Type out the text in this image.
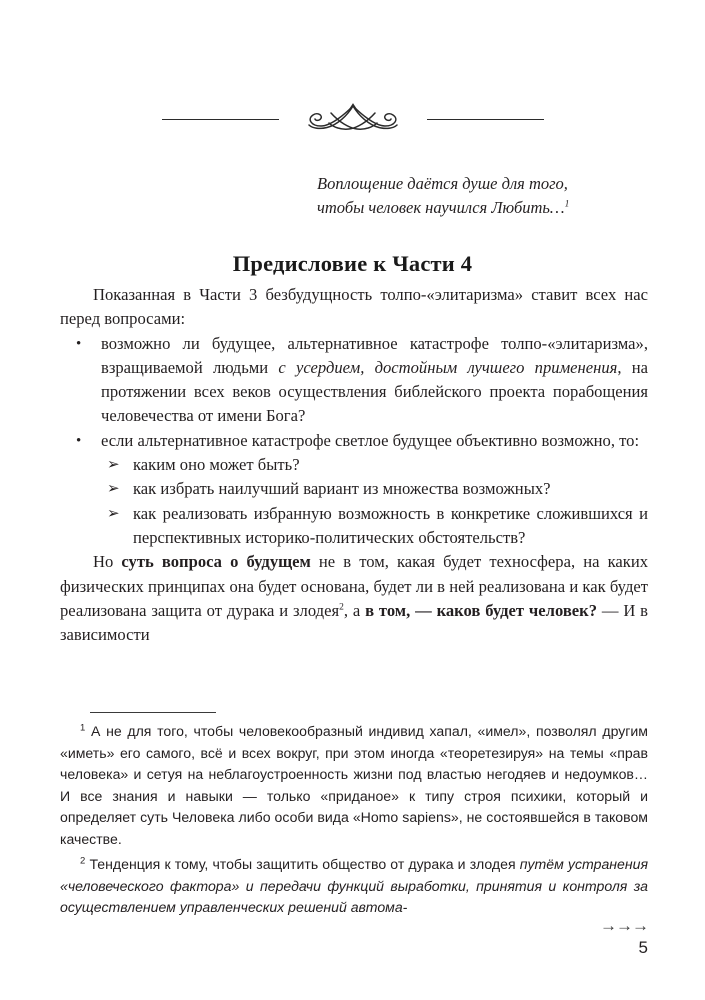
Воплощение даётся душе для того,
чтобы человек научился Любить…$^1$
Предисловие к Части 4

Показанная в Части 3 безбудущность толпо-«элитаризма» ставит всех нас перед вопросами:

•	возможно ли будущее, альтернативное катастрофе толпо-«элитаризма», взращиваемой людьми с усердием, достойным лучшего применения, на протяжении всех веков осуществления библейского проекта порабощения человечества от имени Бога?
•	если альтернативное катастрофе светлое будущее объективно возможно, то:
➢ каким оно может быть?
➢ как избрать наилучший вариант из множества возможных?
➢ как реализовать избранную возможность в конкретике сложившихся и перспективных историко-политических обстоятельств?

Но суть вопроса о будущем не в том, какая будет техносфера, на каких физических принципах она будет основана, будет ли в ней реализована и как будет реализована защита от дурака и злодея$^2$, а в том, — каков будет человек? — И в зависимости

$^1$ А не для того, чтобы человекообразный индивид хапал, «имел», позволял другим «иметь» его самого, всё и всех вокруг, при этом иногда «теоретезируя» на темы «прав человека» и сетуя на неблагоустроенность жизни под властью негодяев и недоумков… И все знания и навыки — только «приданое» к типу строя психики, который и определяет суть Человека либо особи вида «Homo sapiens», не состоявшейся в таковом качестве.

$^2$ Тенденция к тому, чтобы защитить общество от дурака и злодея путём устранения «человеческого фактора» и передачи функций выработки, принятия и контроля за осуществлением управленческих решений автома-

→→→
5
